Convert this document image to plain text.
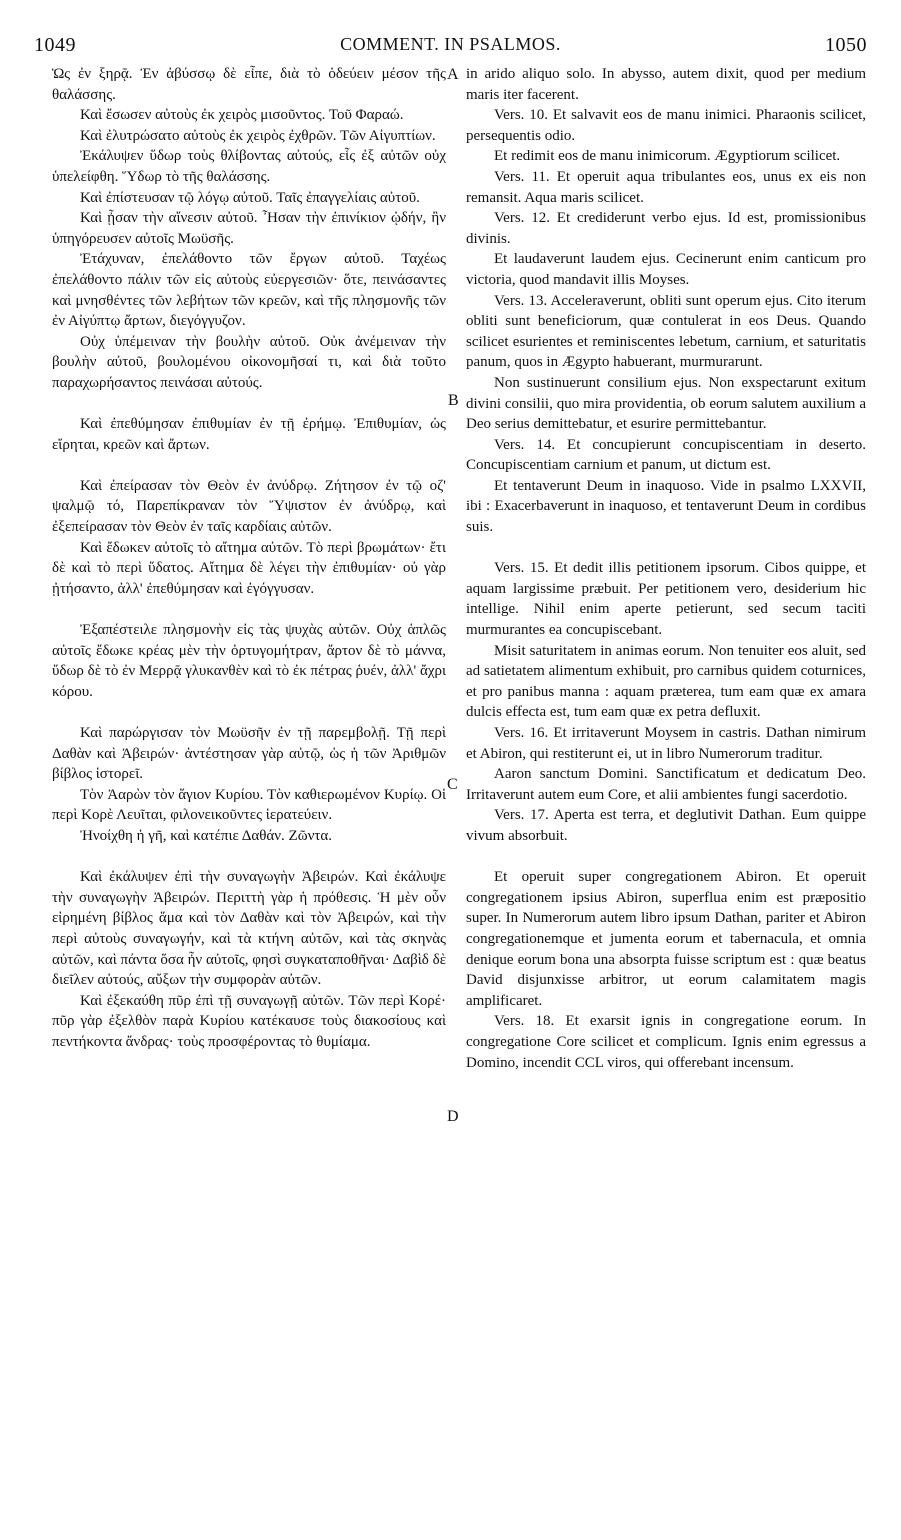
1049	COMMENT. IN PSALMOS.	1050
A
B
C
D

Ὡς ἐν ξηρᾷ. Ἐν ἀβύσσῳ δὲ εἶπε, διὰ τὸ ὁδεύειν μέσον τῆς θαλάσσης.

Καὶ ἔσωσεν αὐτοὺς ἐκ χειρὸς μισοῦντος. Τοῦ Φαραώ.

Καὶ ἐλυτρώσατο αὐτοὺς ἐκ χειρὸς ἐχθρῶν. Τῶν Αἰγυπτίων.

Ἐκάλυψεν ὕδωρ τοὺς θλίβοντας αὐτούς, εἷς ἐξ αὐτῶν οὐχ ὑπελείφθη. Ὕδωρ τὸ τῆς θαλάσσης.

Καὶ ἐπίστευσαν τῷ λόγῳ αὐτοῦ. Ταῖς ἐπαγγελίαις αὐτοῦ.

Καὶ ᾖσαν τὴν αἴνεσιν αὐτοῦ. Ἦσαν τὴν ἐπινίκιον ᾠδήν, ἣν ὑπηγόρευσεν αὐτοῖς Μωϋσῆς.

Ἐτάχυναν, ἐπελάθοντο τῶν ἔργων αὐτοῦ. Ταχέως ἐπελάθοντο πάλιν τῶν εἰς αὐτοὺς εὐεργεσιῶν· ὅτε, πεινάσαντες καὶ μνησθέντες τῶν λεβήτων τῶν κρεῶν, καὶ τῆς πλησμονῆς τῶν ἐν Αἰγύπτῳ ἄρτων, διεγόγγυζον.

Οὐχ ὑπέμειναν τὴν βουλὴν αὐτοῦ. Οὐκ ἀνέμειναν τὴν βουλὴν αὐτοῦ, βουλομένου οἰκονομῆσαί τι, καὶ διὰ τοῦτο παραχωρήσαντος πεινάσαι αὐτούς.

Καὶ ἐπεθύμησαν ἐπιθυμίαν ἐν τῇ ἐρήμῳ. Ἐπιθυμίαν, ὡς εἴρηται, κρεῶν καὶ ἄρτων.

Καὶ ἐπείρασαν τὸν Θεὸν ἐν ἀνύδρῳ. Ζήτησον ἐν τῷ οζ' ψαλμῷ τό, Παρεπίκραναν τὸν Ὕψιστον ἐν ἀνύδρῳ, καὶ ἐξεπείρασαν τὸν Θεὸν ἐν ταῖς καρδίαις αὐτῶν.

Καὶ ἔδωκεν αὐτοῖς τὸ αἴτημα αὐτῶν. Τὸ περὶ βρωμάτων· ἔτι δὲ καὶ τὸ περὶ ὕδατος. Αἴτημα δὲ λέγει τὴν ἐπιθυμίαν· οὐ γὰρ ᾐτήσαντο, ἀλλ' ἐπεθύμησαν καὶ ἐγόγγυσαν.

Ἐξαπέστειλε πλησμονὴν εἰς τὰς ψυχὰς αὐτῶν. Οὐχ ἁπλῶς αὐτοῖς ἔδωκε κρέας μὲν τὴν ὀρτυγομήτραν, ἄρτον δὲ τὸ μάννα, ὕδωρ δὲ τὸ ἐν Μερρᾷ γλυκανθὲν καὶ τὸ ἐκ πέτρας ῥυέν, ἀλλ' ἄχρι κόρου.

Καὶ παρώργισαν τὸν Μωϋσῆν ἐν τῇ παρεμβολῇ. Τῇ περὶ Δαθὰν καὶ Ἀβειρών· ἀντέστησαν γὰρ αὐτῷ, ὡς ἡ τῶν Ἀριθμῶν βίβλος ἱστορεῖ.

Τὸν Ἀαρὼν τὸν ἅγιον Κυρίου. Τὸν καθιερωμένον Κυρίῳ. Οἱ περὶ Κορὲ Λευῖται, φιλονεικοῦντες ἱερατεύειν.

Ἠνοίχθη ἡ γῆ, καὶ κατέπιε Δαθάν. Ζῶντα.

Καὶ ἐκάλυψεν ἐπὶ τὴν συναγωγὴν Ἀβειρών. Καὶ ἐκάλυψε τὴν συναγωγὴν Ἀβειρών. Περιττὴ γὰρ ἡ πρόθεσις. Ἡ μὲν οὖν εἰρημένη βίβλος ἅμα καὶ τὸν Δαθὰν καὶ τὸν Ἀβειρών, καὶ τὴν περὶ αὐτοὺς συναγωγήν, καὶ τὰ κτήνη αὐτῶν, καὶ τὰς σκηνὰς αὐτῶν, καὶ πάντα ὅσα ἦν αὐτοῖς, φησὶ συγκαταποθῆναι· Δαβὶδ δὲ διεῖλεν αὐτούς, αὔξων τὴν συμφορὰν αὐτῶν.

Καὶ ἐξεκαύθη πῦρ ἐπὶ τῇ συναγωγῇ αὐτῶν. Τῶν περὶ Κορέ· πῦρ γὰρ ἐξελθὸν παρὰ Κυρίου κατέκαυσε τοὺς διακοσίους καὶ πεντήκοντα ἄνδρας· τοὺς προσφέροντας τὸ θυμίαμα.

in arido aliquo solo. In abysso, autem dixit, quod per medium maris iter facerent.

Vers. 10. Et salvavit eos de manu inimici. Pharaonis scilicet, persequentis odio.

Et redimit eos de manu inimicorum. Ægyptiorum scilicet.

Vers. 11. Et operuit aqua tribulantes eos, unus ex eis non remansit. Aqua maris scilicet.

Vers. 12. Et crediderunt verbo ejus. Id est, promissionibus divinis.

Et laudaverunt laudem ejus. Cecinerunt enim canticum pro victoria, quod mandavit illis Moyses.

Vers. 13. Acceleraverunt, obliti sunt operum ejus. Cito iterum obliti sunt beneficiorum, quæ contulerat in eos Deus. Quando scilicet esurientes et reminiscentes lebetum, carnium, et saturitatis panum, quos in Ægypto habuerant, murmurarunt.

Non sustinuerunt consilium ejus. Non exspectarunt exitum divini consilii, quo mira providentia, ob eorum salutem auxilium a Deo serius demittebatur, et esurire permittebantur.

Vers. 14. Et concupierunt concupiscentiam in deserto. Concupiscentiam carnium et panum, ut dictum est.

Et tentaverunt Deum in inaquoso. Vide in psalmo LXXVII, ibi : Exacerbaverunt in inaquoso, et tentaverunt Deum in cordibus suis.

Vers. 15. Et dedit illis petitionem ipsorum. Cibos quippe, et aquam largissime præbuit. Per petitionem vero, desiderium hic intellige. Nihil enim aperte petierunt, sed secum taciti murmurantes ea concupiscebant.

Misit saturitatem in animas eorum. Non tenuiter eos aluit, sed ad satietatem alimentum exhibuit, pro carnibus quidem coturnices, et pro panibus manna : aquam præterea, tum eam quæ ex amara dulcis effecta est, tum eam quæ ex petra defluxit.

Vers. 16. Et irritaverunt Moysem in castris. Dathan nimirum et Abiron, qui restiterunt ei, ut in libro Numerorum traditur.

Aaron sanctum Domini. Sanctificatum et dedicatum Deo. Irritaverunt autem eum Core, et alii ambientes fungi sacerdotio.

Vers. 17. Aperta est terra, et deglutivit Dathan. Eum quippe vivum absorbuit.

Et operuit super congregationem Abiron. Et operuit congregationem ipsius Abiron, superflua enim est præpositio super. In Numerorum autem libro ipsum Dathan, pariter et Abiron congregationemque et jumenta eorum et tabernacula, et omnia denique eorum bona una absorpta fuisse scriptum est : quæ beatus David disjunxisse arbitror, ut eorum calamitatem magis amplificaret.

Vers. 18. Et exarsit ignis in congregatione eorum. In congregatione Core scilicet et complicum. Ignis enim egressus a Domino, incendit CCL viros, qui offerebant incensum.
